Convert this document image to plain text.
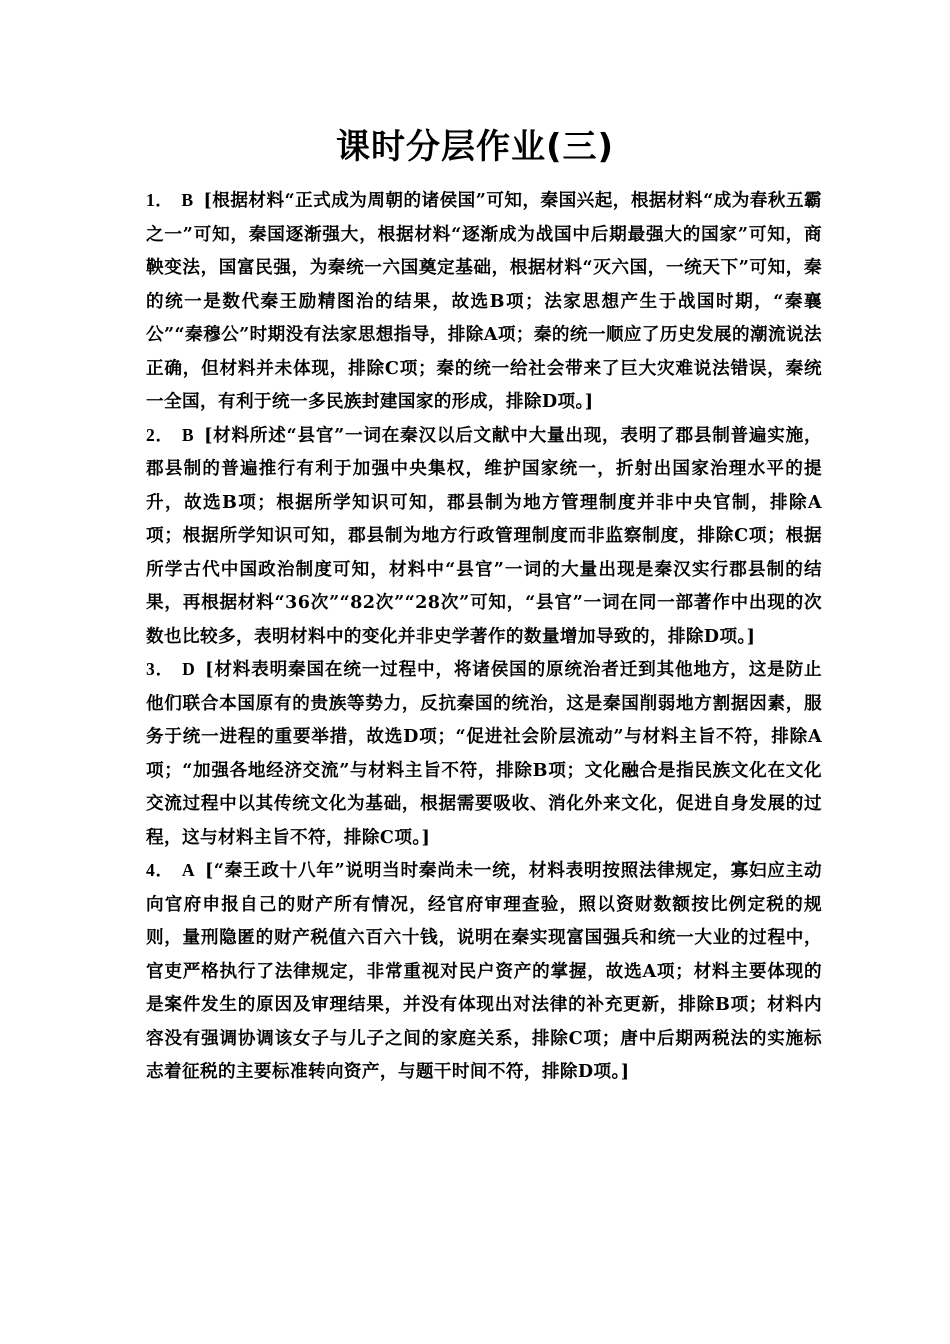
课时分层作业(三)

1． B [根据材料“正式成为周朝的诸侯国”可知，秦国兴起，根据材料“成为春秋五霸之一”可知，秦国逐渐强大，根据材料“逐渐成为战国中后期最强大的国家”可知，商鞅变法，国富民强，为秦统一六国奠定基础，根据材料“灭六国，一统天下”可知，秦的统一是数代秦王励精图治的结果，故选B项；法家思想产生于战国时期，“秦襄公”“秦穆公”时期没有法家思想指导，排除A项；秦的统一顺应了历史发展的潮流说法正确，但材料并未体现，排除C项；秦的统一给社会带来了巨大灾难说法错误，秦统一全国，有利于统一多民族封建国家的形成，排除D项。]

2． B [材料所述“县官”一词在秦汉以后文献中大量出现，表明了郡县制普遍实施，郡县制的普遍推行有利于加强中央集权，维护国家统一，折射出国家治理水平的提升，故选B项；根据所学知识可知，郡县制为地方管理制度并非中央官制，排除A项；根据所学知识可知，郡县制为地方行政管理制度而非监察制度，排除C项；根据所学古代中国政治制度可知，材料中“县官”一词的大量出现是秦汉实行郡县制的结果，再根据材料“36次”“82次”“28次”可知，“县官”一词在同一部著作中出现的次数也比较多，表明材料中的变化并非史学著作的数量增加导致的，排除D项。]

3． D [材料表明秦国在统一过程中，将诸侯国的原统治者迁到其他地方，这是防止他们联合本国原有的贵族等势力，反抗秦国的统治，这是秦国削弱地方割据因素，服务于统一进程的重要举措，故选D项；“促进社会阶层流动”与材料主旨不符，排除A项；“加强各地经济交流”与材料主旨不符，排除B项；文化融合是指民族文化在文化交流过程中以其传统文化为基础，根据需要吸收、消化外来文化，促进自身发展的过程，这与材料主旨不符，排除C项。]

4． A [“秦王政十八年”说明当时秦尚未一统，材料表明按照法律规定，寡妇应主动向官府申报自己的财产所有情况，经官府审理查验，照以资财数额按比例定税的规则，量刑隐匿的财产税值六百六十钱，说明在秦实现富国强兵和统一大业的过程中，官吏严格执行了法律规定，非常重视对民户资产的掌握，故选A项；材料主要体现的是案件发生的原因及审理结果，并没有体现出对法律的补充更新，排除B项；材料内容没有强调协调该女子与儿子之间的家庭关系，排除C项；唐中后期两税法的实施标志着征税的主要标准转向资产，与题干时间不符，排除D项。]
